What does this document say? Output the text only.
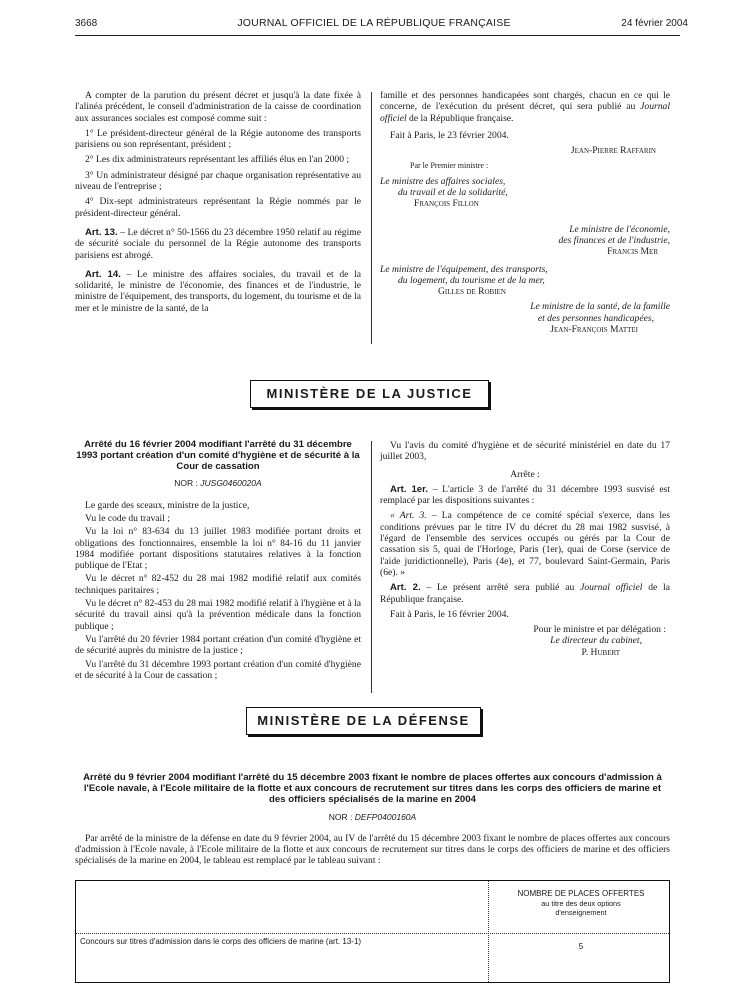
3668	JOURNAL OFFICIEL DE LA RÉPUBLIQUE FRANÇAISE	24 février 2004

A compter de la parution du présent décret et jusqu'à la date fixée à l'alinéa précédent, le conseil d'administration de la caisse de coordination aux assurances sociales est composé comme suit :

1° Le président-directeur général de la Régie autonome des transports parisiens ou son représentant, président ;

2° Les dix administrateurs représentant les affiliés élus en l'an 2000 ;

3° Un administrateur désigné par chaque organisation représentative au niveau de l'entreprise ;

4° Dix-sept administrateurs représentant la Régie nommés par le président-directeur général.

Art. 13. – Le décret n° 50-1566 du 23 décembre 1950 relatif au régime de sécurité sociale du personnel de la Régie autonome des transports parisiens est abrogé.

Art. 14. – Le ministre des affaires sociales, du travail et de la solidarité, le ministre de l'économie, des finances et de l'industrie, le ministre de l'équipement, des transports, du logement, du tourisme et de la mer et le ministre de la santé, de la

famille et des personnes handicapées sont chargés, chacun en ce qui le concerne, de l'exécution du présent décret, qui sera publié au Journal officiel de la République française.

Fait à Paris, le 23 février 2004.

Jean-Pierre Raffarin
Par le Premier ministre :
Le ministre des affaires sociales,
du travail et de la solidarité,
François Fillon
Le ministre de l'économie,
des finances et de l'industrie,
Francis Mer
Le ministre de l'équipement, des transports,
du logement, du tourisme et de la mer,
Gilles de Robien
Le ministre de la santé, de la famille
et des personnes handicapées,
Jean-François Mattei
MINISTÈRE DE LA JUSTICE
Arrêté du 16 février 2004 modifiant l'arrêté du 31 décembre 1993 portant création d'un comité d'hygiène et de sécurité à la Cour de cassation
NOR : JUSG0460020A

Le garde des sceaux, ministre de la justice,

Vu le code du travail ;

Vu la loi n° 83-634 du 13 juillet 1983 modifiée portant droits et obligations des fonctionnaires, ensemble la loi n° 84-16 du 11 janvier 1984 modifiée portant dispositions statutaires relatives à la fonction publique de l'Etat ;

Vu le décret n° 82-452 du 28 mai 1982 modifié relatif aux comités techniques paritaires ;

Vu le décret n° 82-453 du 28 mai 1982 modifié relatif à l'hygiène et à la sécurité du travail ainsi qu'à la prévention médicale dans la fonction publique ;

Vu l'arrêté du 20 février 1984 portant création d'un comité d'hygiène et de sécurité auprès du ministre de la justice ;

Vu l'arrêté du 31 décembre 1993 portant création d'un comité d'hygiène et de sécurité à la Cour de cassation ;

Vu l'avis du comité d'hygiène et de sécurité ministériel en date du 17 juillet 2003,

Arrête :

Art. 1er. – L'article 3 de l'arrêté du 31 décembre 1993 susvisé est remplacé par les dispositions suivantes :

« Art. 3. – La compétence de ce comité spécial s'exerce, dans les conditions prévues par le titre IV du décret du 28 mai 1982 susvisé, à l'égard de l'ensemble des services occupés ou gérés par la Cour de cassation sis 5, quai de l'Horloge, Paris (1er), quai de Corse (service de l'aide juridictionnelle), Paris (4e), et 77, boulevard Saint-Germain, Paris (6e). »

Art. 2. – Le présent arrêté sera publié au Journal officiel de la République française.

Fait à Paris, le 16 février 2004.

Pour le ministre et par délégation :
Le directeur du cabinet,
P. Hubert
MINISTÈRE DE LA DÉFENSE
Arrêté du 9 février 2004 modifiant l'arrêté du 15 décembre 2003 fixant le nombre de places offertes aux concours d'admission à l'Ecole navale, à l'Ecole militaire de la flotte et aux concours de recrutement sur titres dans les corps des officiers de marine et des officiers spécialisés de la marine en 2004
NOR : DEFP0400160A
Par arrêté de la ministre de la défense en date du 9 février 2004, au IV de l'arrêté du 15 décembre 2003 fixant le nombre de places offertes aux concours d'admission à l'Ecole navale, à l'Ecole militaire de la flotte et aux concours de recrutement sur titres dans le corps des officiers de marine et des officiers spécialisés de la marine en 2004, le tableau est remplacé par le tableau suivant :
NOMBRE DE PLACES OFFERTES
au titre des deux options
d'enseignement
Concours sur titres d'admission dans le corps des officiers de marine (art. 13-1)
5
